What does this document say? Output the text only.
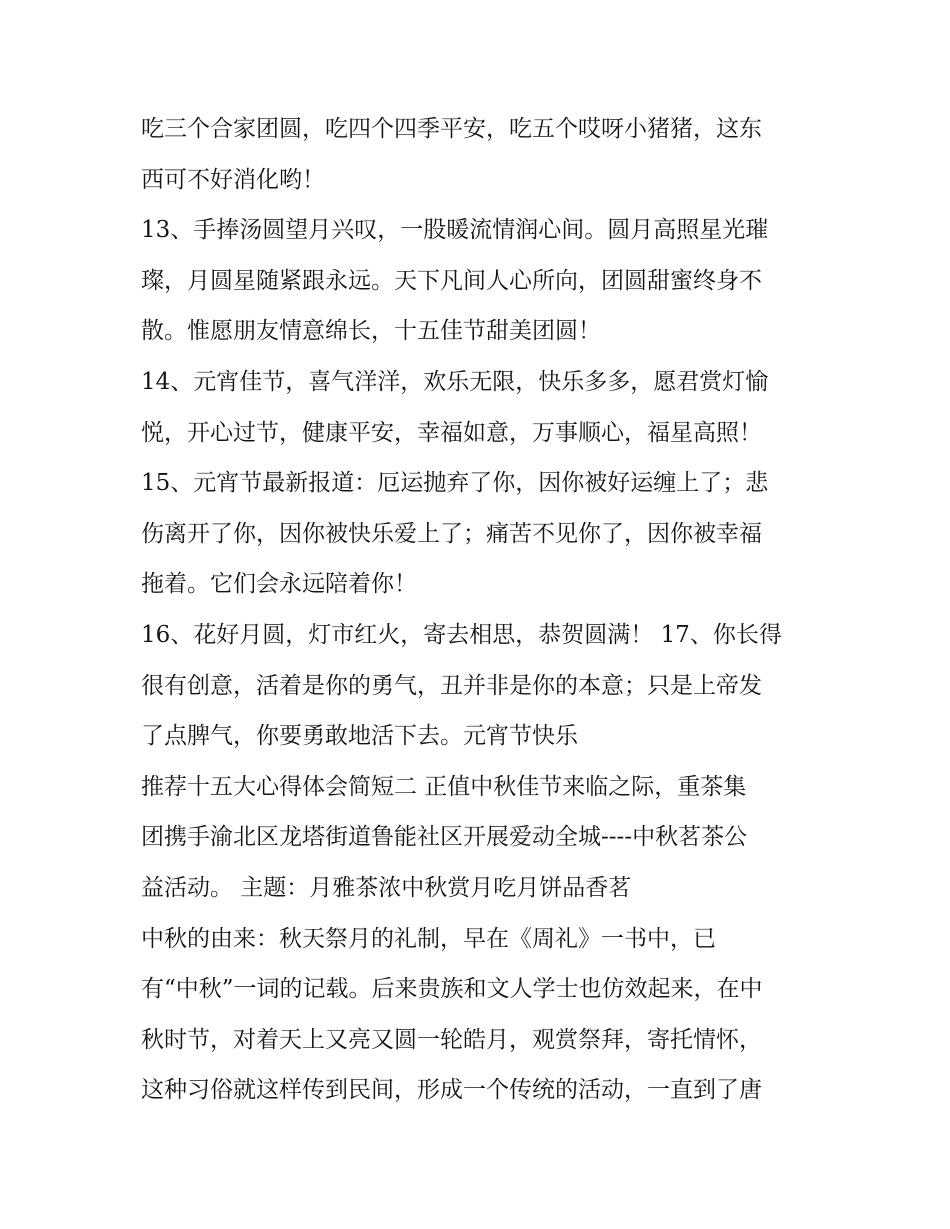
吃三个合家团圆，吃四个四季平安，吃五个哎呀小猪猪，这东
西可不好消化哟！
13、手捧汤圆望月兴叹，一股暖流情润心间。圆月高照星光璀
璨，月圆星随紧跟永远。天下凡间人心所向，团圆甜蜜终身不
散。惟愿朋友情意绵长，十五佳节甜美团圆！
14、元宵佳节，喜气洋洋，欢乐无限，快乐多多，愿君赏灯愉
悦，开心过节，健康平安，幸福如意，万事顺心，福星高照！
15、元宵节最新报道：厄运抛弃了你，因你被好运缠上了；悲
伤离开了你，因你被快乐爱上了；痛苦不见你了，因你被幸福
拖着。它们会永远陪着你！
16、花好月圆，灯市红火，寄去相思，恭贺圆满！ 17、你长得
很有创意，活着是你的勇气，丑并非是你的本意；只是上帝发
了点脾气，你要勇敢地活下去。元宵节快乐
推荐十五大心得体会简短二 正值中秋佳节来临之际，重茶集
团携手渝北区龙塔街道鲁能社区开展爱动全城----中秋茗茶公
益活动。 主题：月雅茶浓中秋赏月吃月饼品香茗
中秋的由来：秋天祭月的礼制，早在《周礼》一书中，已
有“中秋”一词的记载。后来贵族和文人学士也仿效起来，在中
秋时节，对着天上又亮又圆一轮皓月，观赏祭拜，寄托情怀，
这种习俗就这样传到民间，形成一个传统的活动，一直到了唐
